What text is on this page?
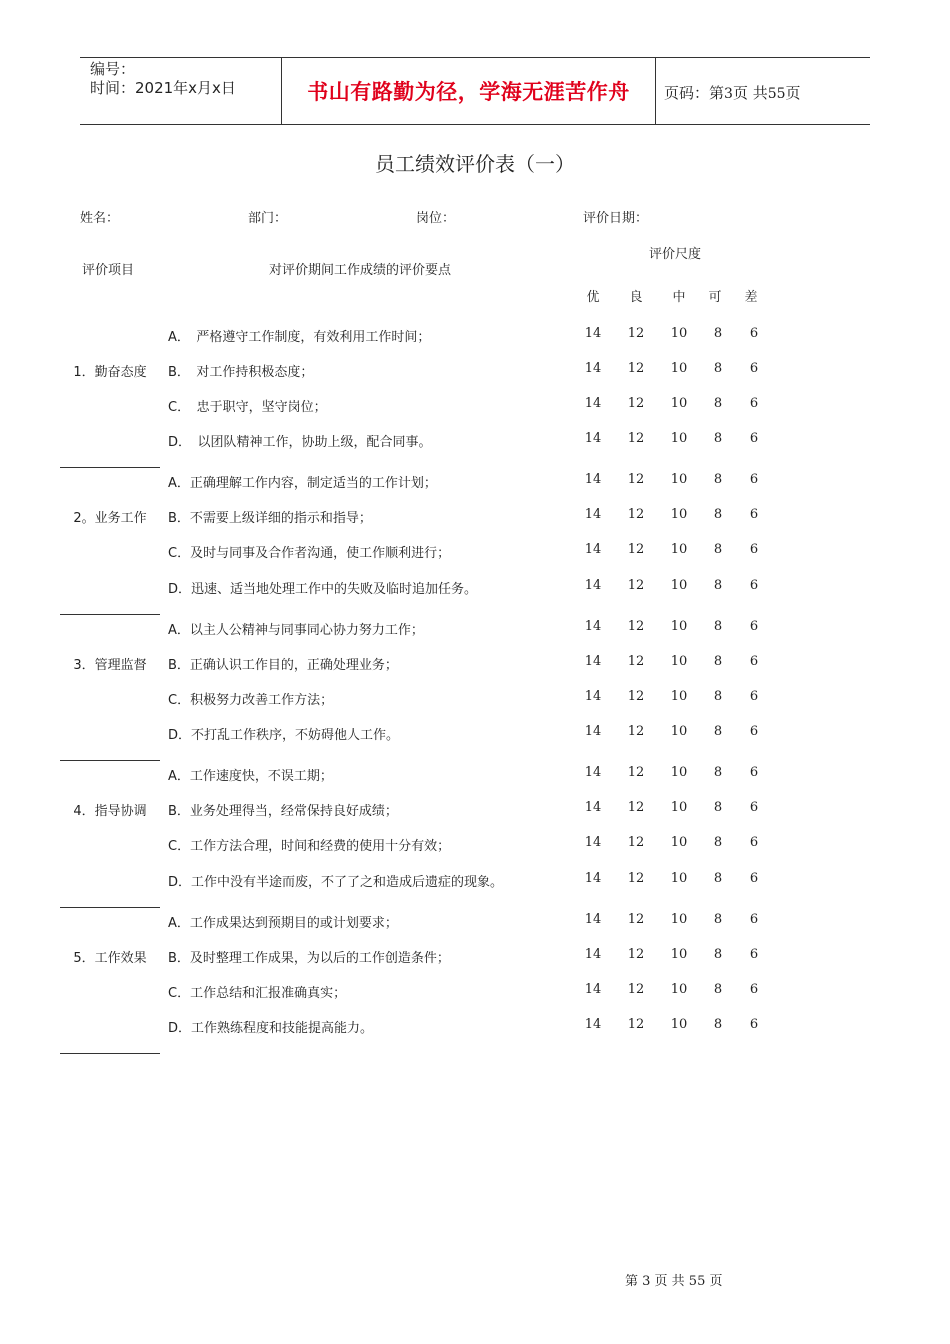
编号：
时间：2021年x月x日	书山有路勤为径，学海无涯苦作舟	页码：第3页 共55页
员工绩效评价表（一）
姓名：	部门：	岗位：	评价日期：
评价项目	对评价期间工作成绩的评价要点
评价尺度
优	良	中	可	差
1．勤奋态度
A．　严格遵守工作制度，有效利用工作时间；	14	12	10	8	6
B．　对工作持积极态度；	14	12	10	8	6
C．　忠于职守，坚守岗位；	14	12	10	8	6
D．　以团队精神工作，协助上级，配合同事。	14	12	10	8	6
2。业务工作
A．正确理解工作内容，制定适当的工作计划；	14	12	10	8	6
B．不需要上级详细的指示和指导；	14	12	10	8	6
C．及时与同事及合作者沟通，使工作顺利进行；	14	12	10	8	6
D．迅速、适当地处理工作中的失败及临时追加任务。	14	12	10	8	6
3．管理监督
A．以主人公精神与同事同心协力努力工作；	14	12	10	8	6
B．正确认识工作目的，正确处理业务；	14	12	10	8	6
C．积极努力改善工作方法；	14	12	10	8	6
D．不打乱工作秩序，不妨碍他人工作。	14	12	10	8	6
4．指导协调
A．工作速度快，不误工期；	14	12	10	8	6
B．业务处理得当，经常保持良好成绩；	14	12	10	8	6
C．工作方法合理，时间和经费的使用十分有效；	14	12	10	8	6
D．工作中没有半途而废，不了了之和造成后遗症的现象。	14	12	10	8	6
5．工作效果
A．工作成果达到预期目的或计划要求；	14	12	10	8	6
B．及时整理工作成果，为以后的工作创造条件；	14	12	10	8	6
C．工作总结和汇报准确真实；	14	12	10	8	6
D．工作熟练程度和技能提高能力。	14	12	10	8	6
第 3 页 共 55 页
